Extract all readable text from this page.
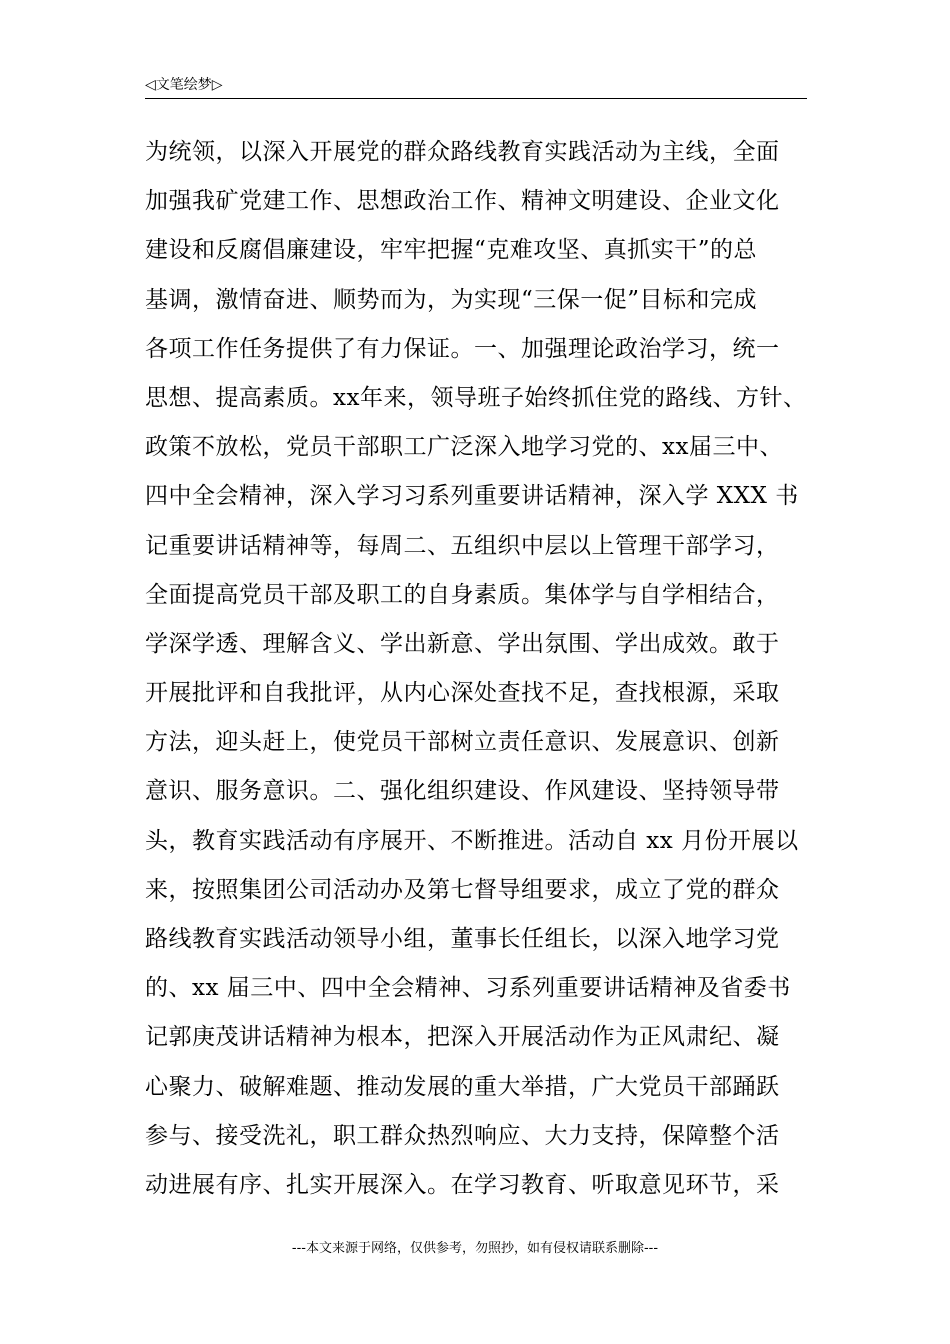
◁文笔绘梦▷
为统领，以深入开展党的群众路线教育实践活动为主线，全面
加强我矿党建工作、思想政治工作、精神文明建设、企业文化
建设和反腐倡廉建设，牢牢把握“克难攻坚、真抓实干”的总
基调，激情奋进、顺势而为，为实现“三保一促”目标和完成
各项工作任务提供了有力保证。一、加强理论政治学习，统一
思想、提高素质。xx年来，领导班子始终抓住党的路线、方针、
政策不放松，党员干部职工广泛深入地学习党的、xx届三中、
四中全会精神，深入学习习系列重要讲话精神，深入学 XXX 书
记重要讲话精神等，每周二、五组织中层以上管理干部学习，
全面提高党员干部及职工的自身素质。集体学与自学相结合，
学深学透、理解含义、学出新意、学出氛围、学出成效。敢于
开展批评和自我批评，从内心深处查找不足，查找根源，采取
方法，迎头赶上，使党员干部树立责任意识、发展意识、创新
意识、服务意识。二、强化组织建设、作风建设、坚持领导带
头，教育实践活动有序展开、不断推进。活动自 xx 月份开展以
来，按照集团公司活动办及第七督导组要求，成立了党的群众
路线教育实践活动领导小组，董事长任组长，以深入地学习党
的、xx 届三中、四中全会精神、习系列重要讲话精神及省委书
记郭庚茂讲话精神为根本，把深入开展活动作为正风肃纪、凝
心聚力、破解难题、推动发展的重大举措，广大党员干部踊跃
参与、接受洗礼，职工群众热烈响应、大力支持，保障整个活
动进展有序、扎实开展深入。在学习教育、听取意见环节，采
---本文来源于网络，仅供参考，勿照抄，如有侵权请联系删除---
